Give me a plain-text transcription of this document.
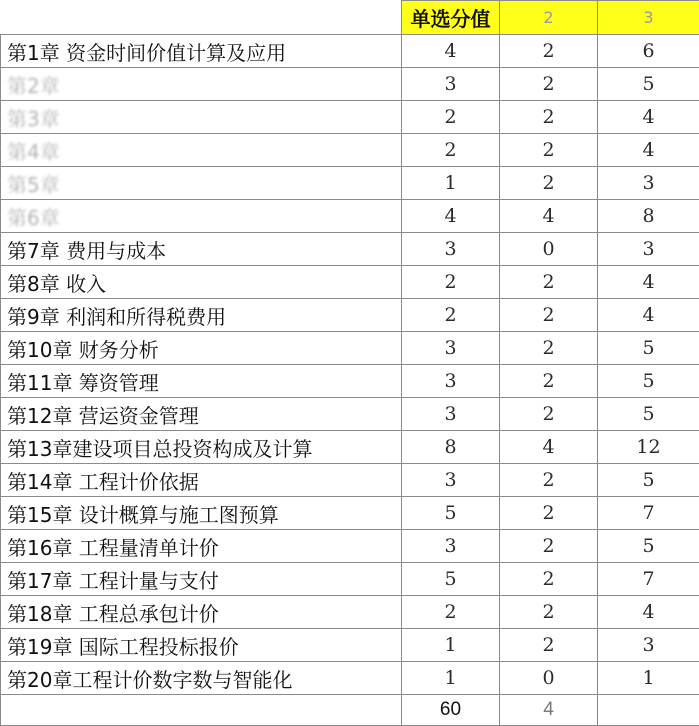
	单选分值	2	3
第1章 资金时间价值计算及应用	4	2	6
第2章	3	2	5
第3章	2	2	4
第4章	2	2	4
第5章	1	2	3
第6章	4	4	8
第7章 费用与成本	3	0	3
第8章 收入	2	2	4
第9章 利润和所得税费用	2	2	4
第10章 财务分析	3	2	5
第11章 筹资管理	3	2	5
第12章 营运资金管理	3	2	5
第13章建设项目总投资构成及计算	8	4	12
第14章 工程计价依据	3	2	5
第15章 设计概算与施工图预算	5	2	7
第16章 工程量清单计价	3	2	5
第17章 工程计量与支付	5	2	7
第18章 工程总承包计价	2	2	4
第19章 国际工程投标报价	1	2	3
第20章工程计价数字数与智能化	1	0	1
	60	4	
